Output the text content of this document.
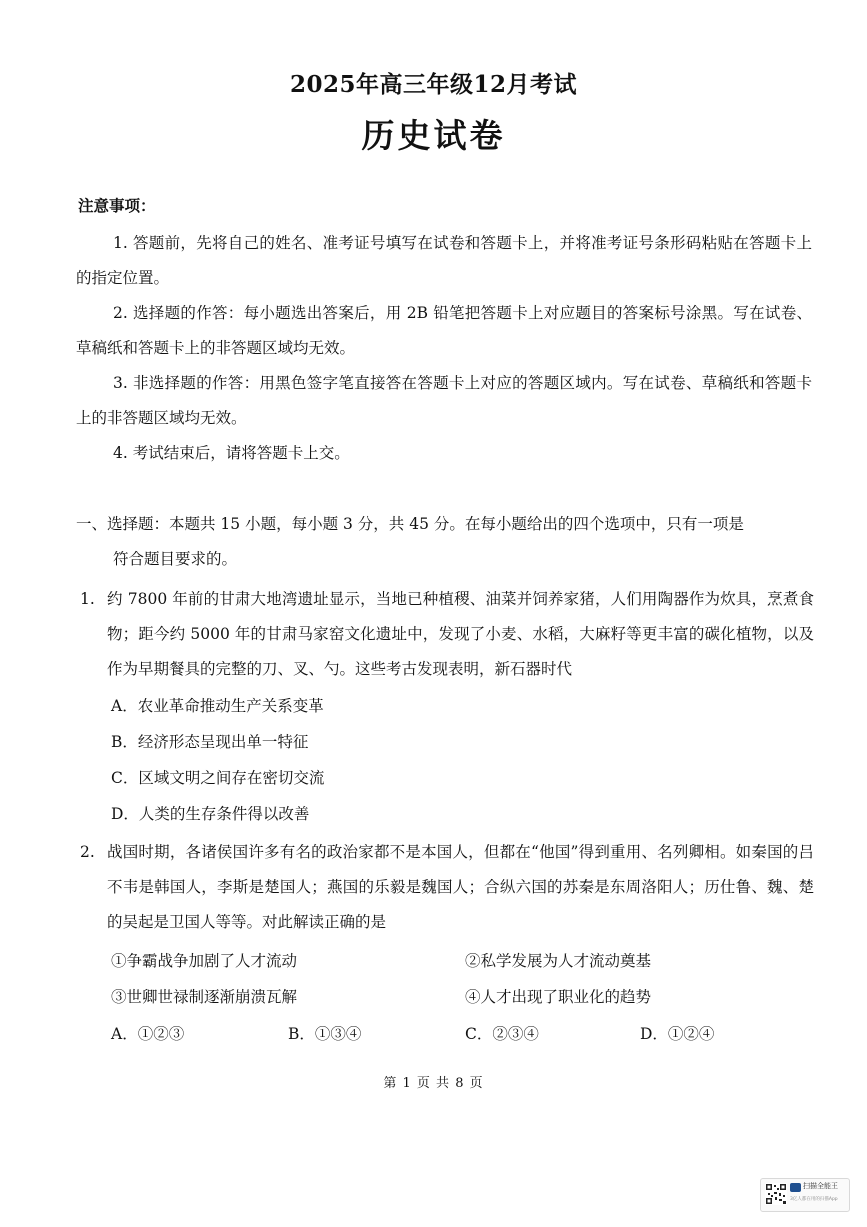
2025年高三年级12月考试
历史试卷
注意事项：
1. 答题前，先将自己的姓名、准考证号填写在试卷和答题卡上，并将准考证号条形码粘贴在答题卡上的指定位置。
2. 选择题的作答：每小题选出答案后，用 2B 铅笔把答题卡上对应题目的答案标号涂黑。写在试卷、草稿纸和答题卡上的非答题区域均无效。
3. 非选择题的作答：用黑色签字笔直接答在答题卡上对应的答题区域内。写在试卷、草稿纸和答题卡上的非答题区域均无效。
4. 考试结束后，请将答题卡上交。
一、选择题：本题共 15 小题，每小题 3 分，共 45 分。在每小题给出的四个选项中，只有一项是
符合题目要求的。
1. 约 7800 年前的甘肃大地湾遗址显示，当地已种植稷、油菜并饲养家猪，人们用陶器作为炊具，烹煮食物；距今约 5000 年的甘肃马家窑文化遗址中，发现了小麦、水稻，大麻籽等更丰富的碳化植物，以及作为早期餐具的完整的刀、叉、勺。这些考古发现表明，新石器时代
A．农业革命推动生产关系变革
B．经济形态呈现出单一特征
C．区域文明之间存在密切交流
D．人类的生存条件得以改善
2. 战国时期，各诸侯国许多有名的政治家都不是本国人，但都在“他国”得到重用、名列卿相。如秦国的吕不韦是韩国人，李斯是楚国人；燕国的乐毅是魏国人；合纵六国的苏秦是东周洛阳人；历仕鲁、魏、楚的吴起是卫国人等等。对此解读正确的是
①争霸战争加剧了人才流动	②私学发展为人才流动奠基
③世卿世禄制逐渐崩溃瓦解	④人才出现了职业化的趋势
A．①②③	B．①③④	C．②③④	D．①②④
第 1 页 共 8 页
扫描全能王
3亿人都在用的扫描App
